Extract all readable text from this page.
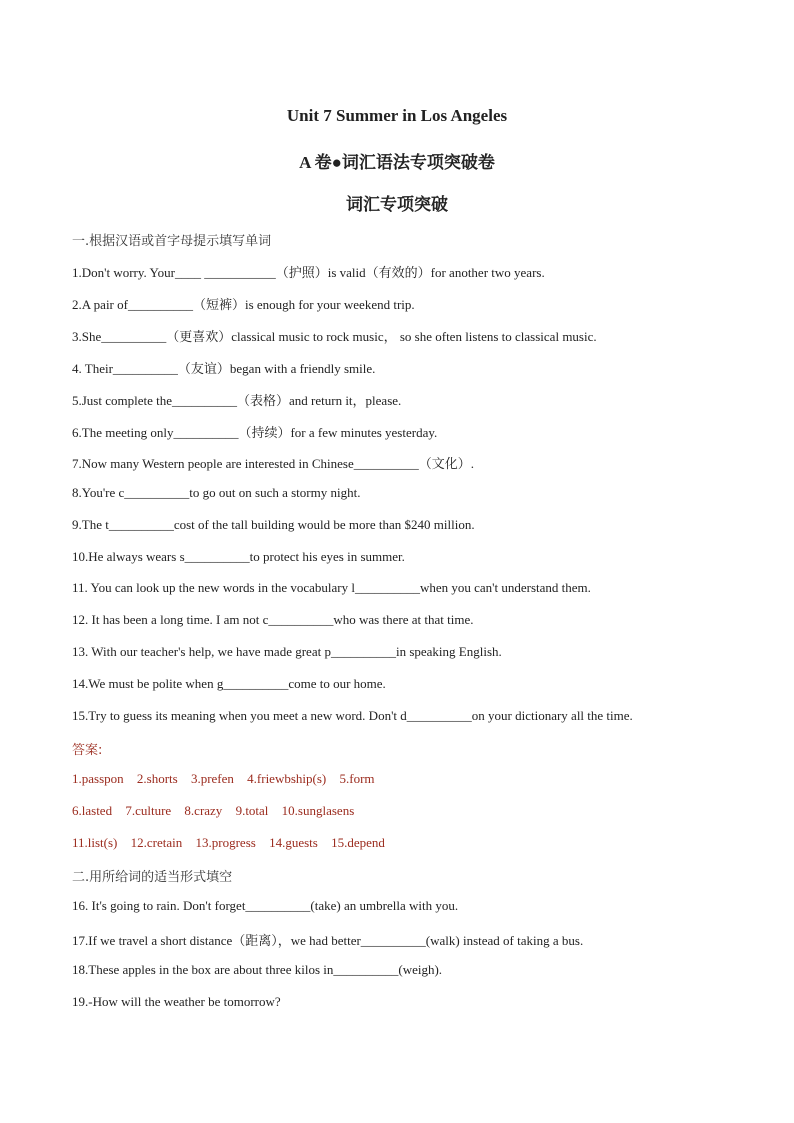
Unit 7 Summer in Los Angeles
A 卷●词汇语法专项突破卷
词汇专项突破
一.根据汉语或首字母提示填写单词
1.Don't worry. Your____ ___________（护照）is valid（有效的）for another two years.
2.A pair of__________（短裤）is enough for your weekend trip.
3.She__________（更喜欢）classical music to rock music， so she often listens to classical music.
4. Their__________（友谊）began with a friendly smile.
5.Just complete the__________（表格）and return it，please.
6.The meeting only__________（持续）for a few minutes yesterday.
7.Now many Western people are interested in Chinese__________（文化）.
8.You're c__________to go out on such a stormy night.
9.The t__________cost of the tall building would be more than $240 million.
10.He always wears s__________to protect his eyes in summer.
11. You can look up the new words in the vocabulary l__________when you can't understand them.
12. It has been a long time. I am not c__________who was there at that time.
13. With our teacher's help, we have made great p__________in speaking English.
14.We must be polite when g__________come to our home.
15.Try to guess its meaning when you meet a new word. Don't d__________on your dictionary all the time.
答案:
1.passpon 2.shorts 3.prefen 4.friewbship(s) 5.form
6.lasted 7.culture 8.crazy 9.total 10.sunglasens
11.list(s) 12.cretain 13.progress 14.guests 15.depend
二.用所给词的适当形式填空
16. It's going to rain. Don't forget__________(take) an umbrella with you.
17.If we travel a short distance（距离），we had better__________(walk) instead of taking a bus.
18.These apples in the box are about three kilos in__________(weigh).
19.-How will the weather be tomorrow?
